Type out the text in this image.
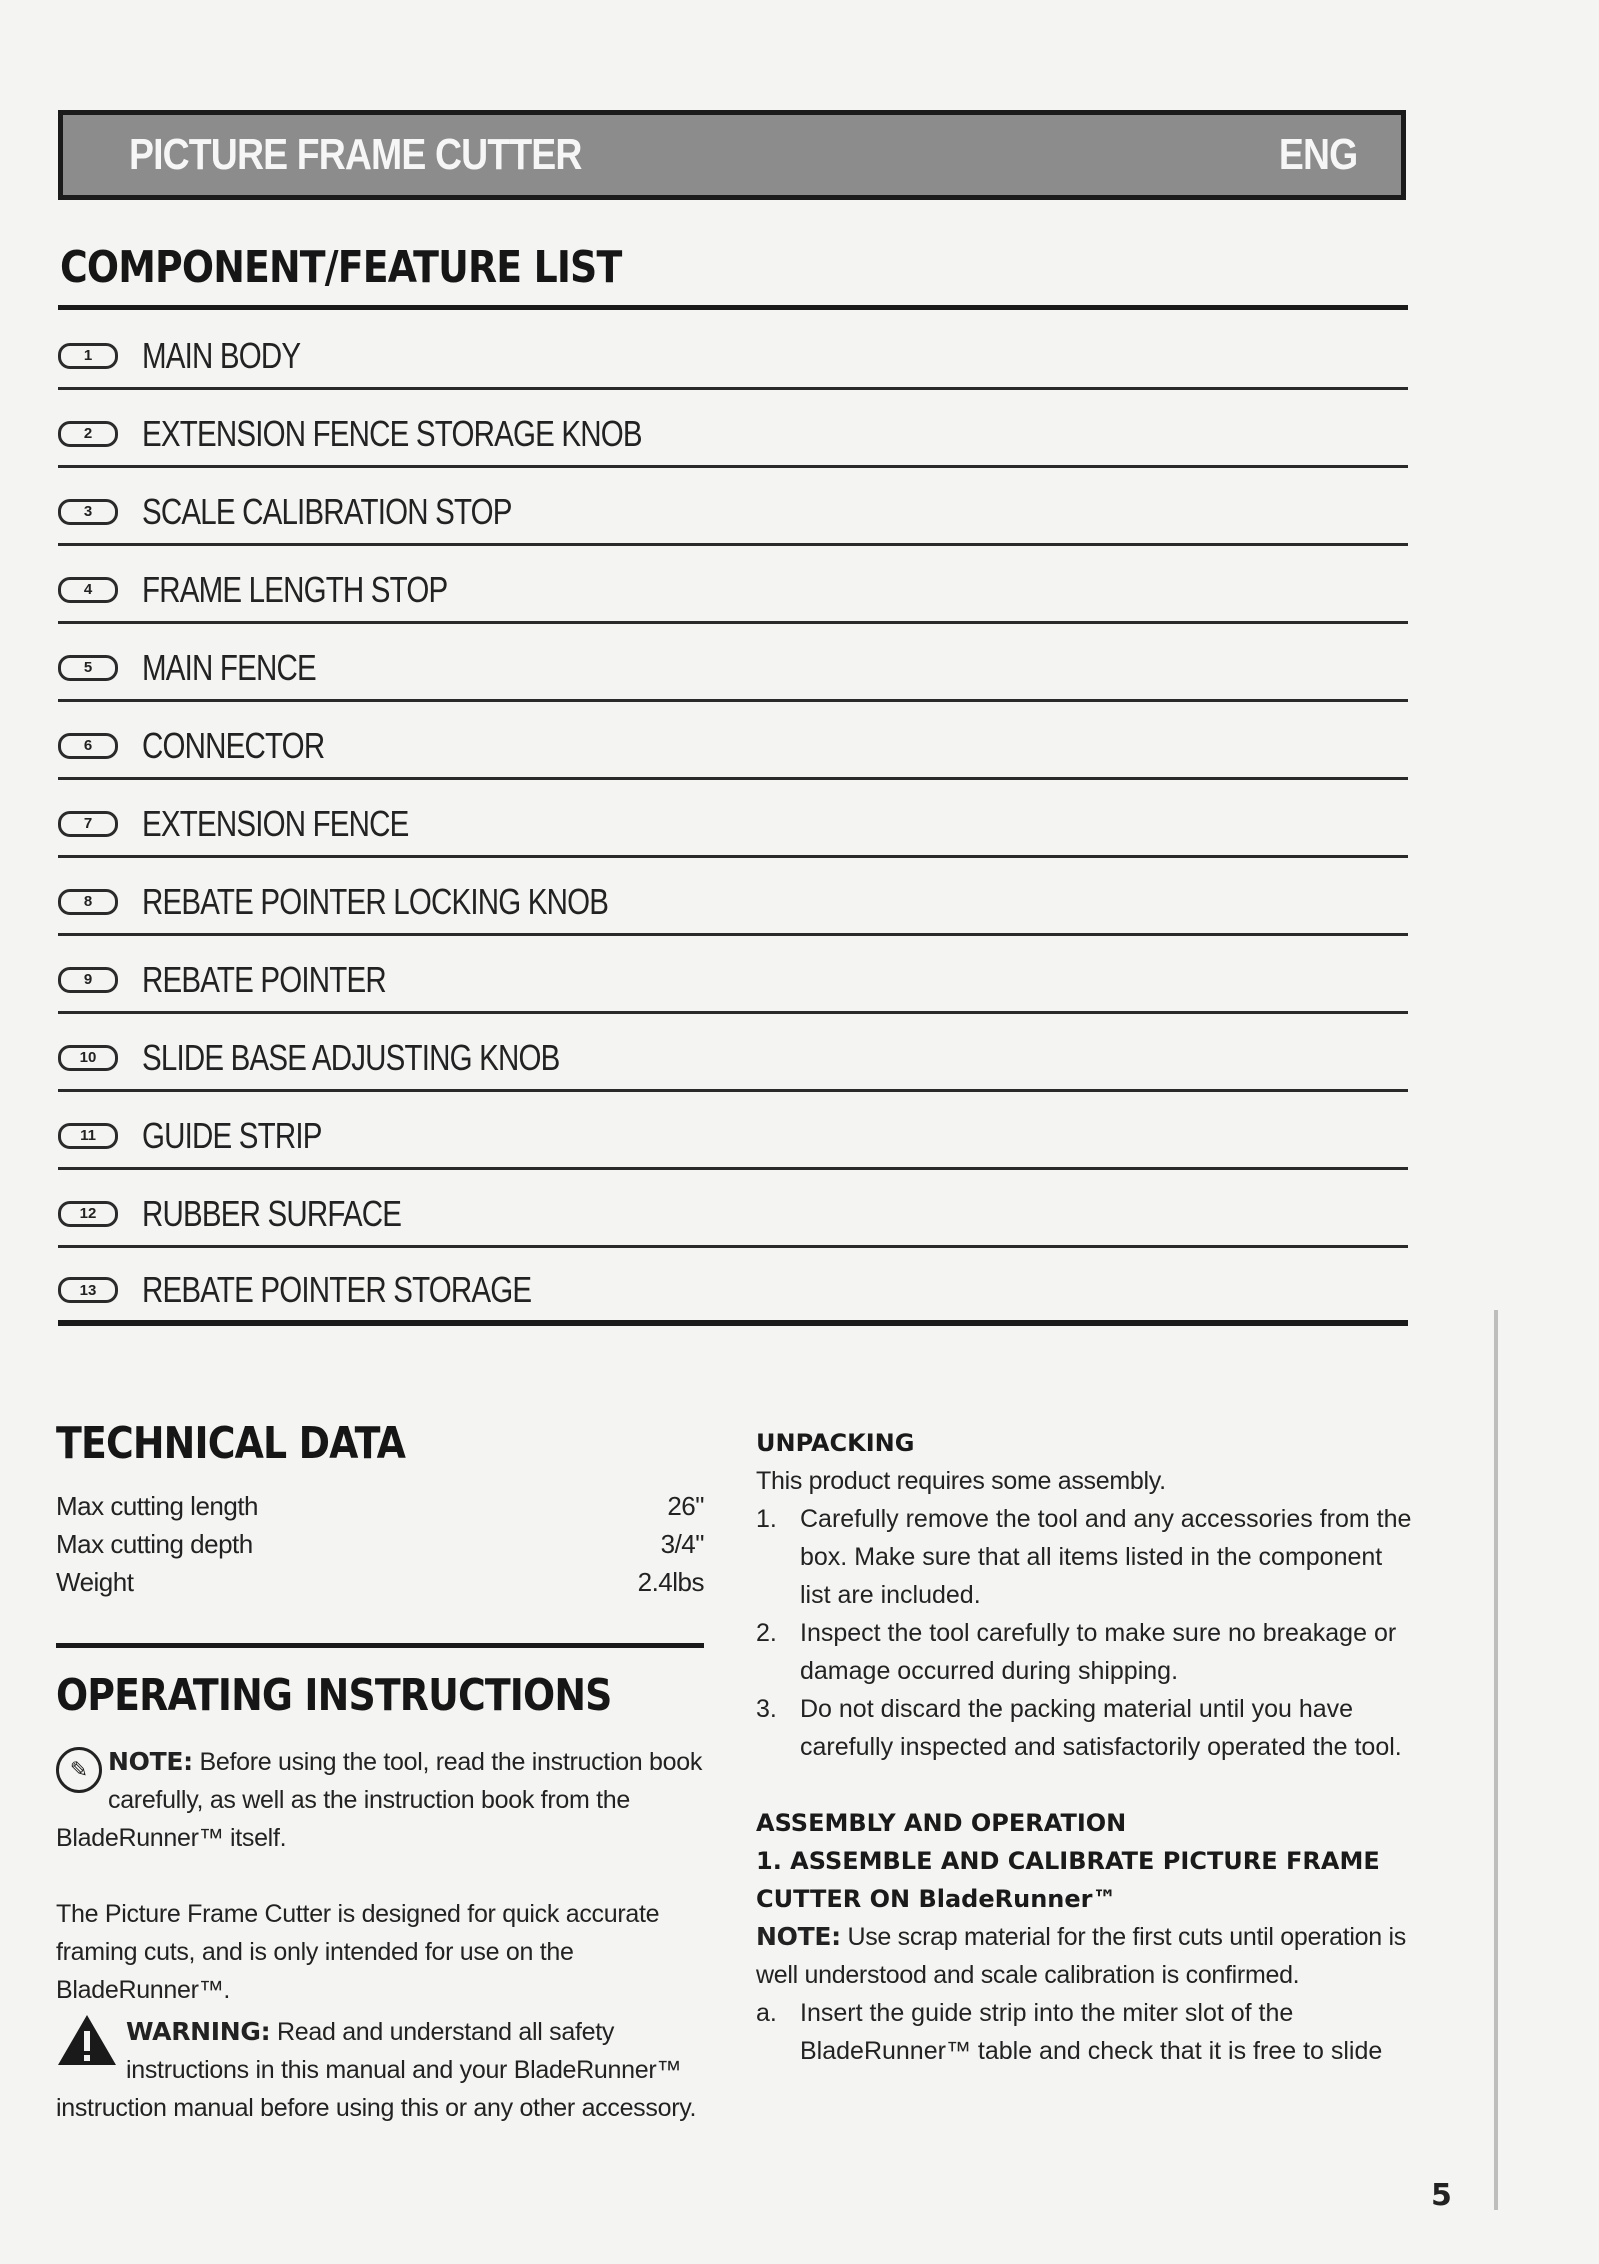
PICTURE FRAME CUTTER	ENG
COMPONENT/FEATURE LIST
1	MAIN BODY
2	EXTENSION FENCE STORAGE KNOB
3	SCALE CALIBRATION STOP
4	FRAME LENGTH STOP
5	MAIN FENCE
6	CONNECTOR
7	EXTENSION FENCE
8	REBATE POINTER LOCKING KNOB
9	REBATE POINTER
10	SLIDE BASE ADJUSTING KNOB
11	GUIDE STRIP
12	RUBBER SURFACE
13	REBATE POINTER STORAGE
TECHNICAL DATA
Max cutting length	26"
Max cutting depth	3/4"
Weight	2.4lbs
OPERATING INSTRUCTIONS
✎ NOTE: Before using the tool, read the instruction book carefully, as well as the instruction book from the BladeRunner™ itself.

The Picture Frame Cutter is designed for quick accurate framing cuts, and is only intended for use on the BladeRunner™.

WARNING: Read and understand all safety instructions in this manual and your BladeRunner™ instruction manual before using this or any other accessory.

UNPACKING

This product requires some assembly.

1. Carefully remove the tool and any accessories from the box. Make sure that all items listed in the component list are included.
2. Inspect the tool carefully to make sure no breakage or damage occurred during shipping.
3. Do not discard the packing material until you have carefully inspected and satisfactorily operated the tool.

ASSEMBLY AND OPERATION

1. ASSEMBLE AND CALIBRATE PICTURE FRAME CUTTER ON BladeRunner™

NOTE: Use scrap material for the first cuts until operation is well understood and scale calibration is confirmed.

a. Insert the guide strip into the miter slot of the BladeRunner™ table and check that it is free to slide
5
